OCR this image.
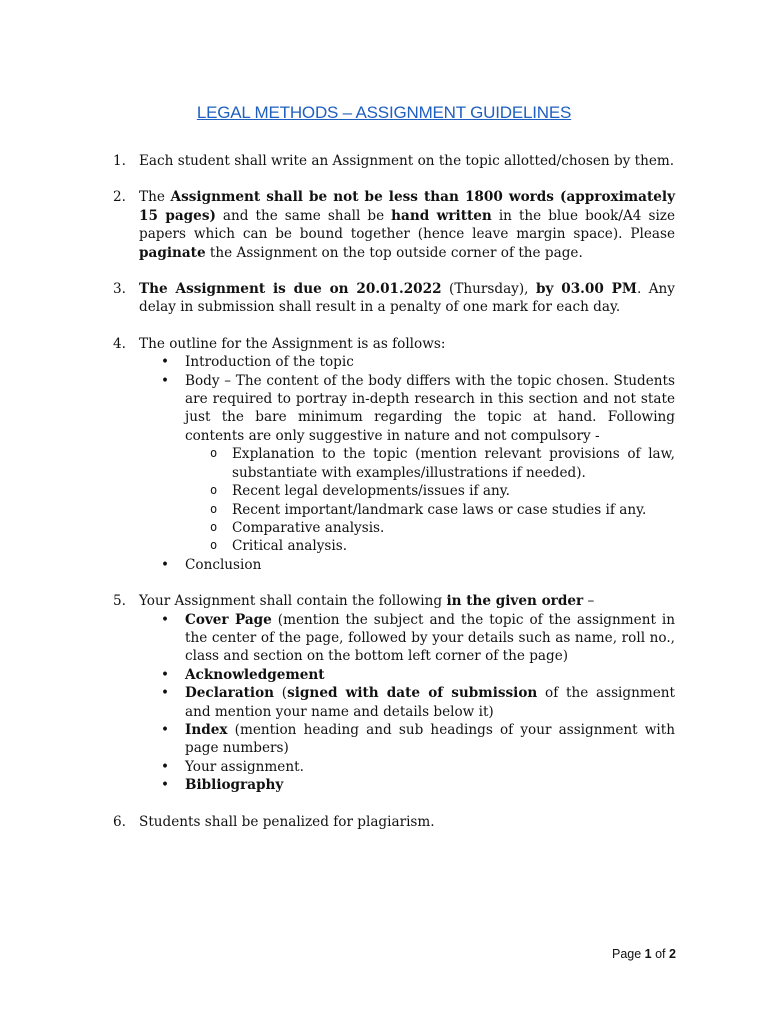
LEGAL METHODS – ASSIGNMENT GUIDELINES
1. Each student shall write an Assignment on the topic allotted/chosen by them.
2. The Assignment shall be not be less than 1800 words (approximately 15 pages) and the same shall be hand written in the blue book/A4 size papers which can be bound together (hence leave margin space). Please paginate the Assignment on the top outside corner of the page.
3. The Assignment is due on 20.01.2022 (Thursday), by 03.00 PM. Any delay in submission shall result in a penalty of one mark for each day.
4. The outline for the Assignment is as follows:
• Introduction of the topic
• Body – The content of the body differs with the topic chosen. Students are required to portray in-depth research in this section and not state just the bare minimum regarding the topic at hand. Following contents are only suggestive in nature and not compulsory -
o Explanation to the topic (mention relevant provisions of law, substantiate with examples/illustrations if needed).
o Recent legal developments/issues if any.
o Recent important/landmark case laws or case studies if any.
o Comparative analysis.
o Critical analysis.
• Conclusion
5. Your Assignment shall contain the following in the given order –
• Cover Page (mention the subject and the topic of the assignment in the center of the page, followed by your details such as name, roll no., class and section on the bottom left corner of the page)
• Acknowledgement
• Declaration (signed with date of submission of the assignment and mention your name and details below it)
• Index (mention heading and sub headings of your assignment with page numbers)
• Your assignment.
• Bibliography
6. Students shall be penalized for plagiarism.
Page 1 of 2
